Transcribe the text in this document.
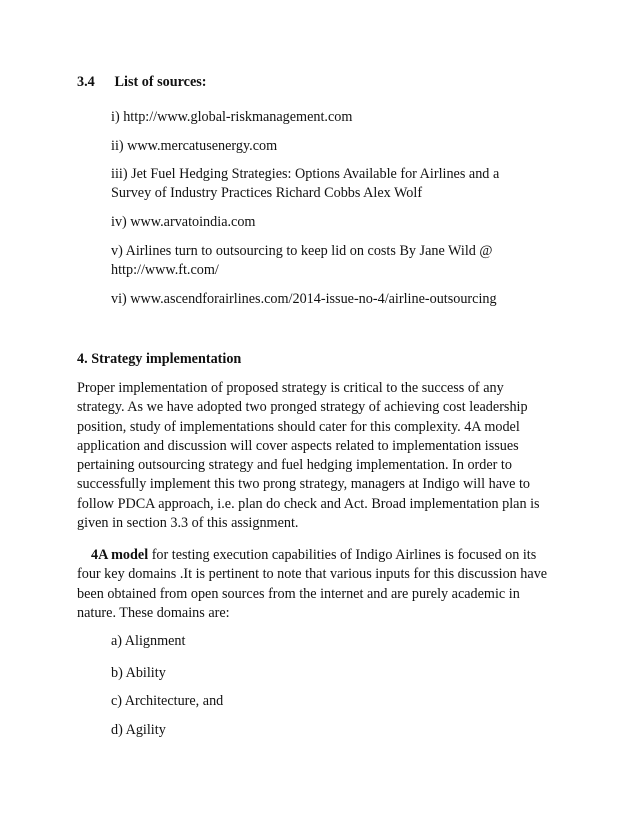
3.4 List of sources:
i) http://www.global-riskmanagement.com
ii) www.mercatusenergy.com
iii) Jet Fuel Hedging Strategies: Options Available for Airlines and a
Survey of Industry Practices Richard Cobbs Alex Wolf
iv) www.arvatoindia.com
v) Airlines turn to outsourcing to keep lid on costs By Jane Wild @
http://www.ft.com/
vi) www.ascendforairlines.com/2014-issue-no-4/airline-outsourcing
4. Strategy implementation
Proper implementation of proposed strategy is critical to the success of any
strategy. As we have adopted two pronged strategy of achieving cost leadership
position, study of implementations should cater for this complexity. 4A model
application and discussion will cover aspects related to implementation issues
pertaining outsourcing strategy and fuel hedging implementation. In order to
successfully implement this two prong strategy, managers at Indigo will have to
follow PDCA approach, i.e. plan do check and Act. Broad implementation plan is
given in section 3.3 of this assignment.
4A model for testing execution capabilities of Indigo Airlines is focused on its
four key domains .It is pertinent to note that various inputs for this discussion have
been obtained from open sources from the internet and are purely academic in
nature. These domains are:
a) Alignment
b) Ability
c) Architecture, and
d) Agility
